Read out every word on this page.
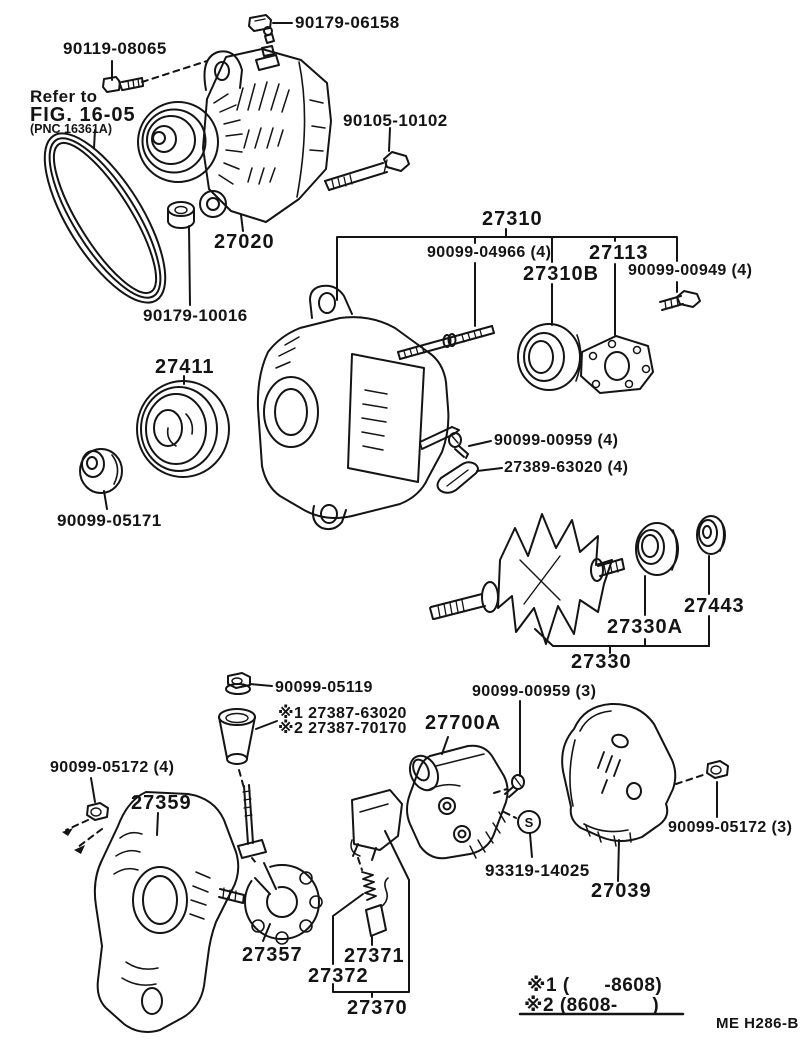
90179-06158
90119-08065
Refer to
FIG. 16-05
(PNC 16361A)	90105-10102
27020
27310
90099-04966 (4) 27113
27310B 90099-00949 (4)
90179-10016
27411
90099-00959 (4)
27389-63020 (4)
90099-05171
27443
27330A
27330
90099-05119
※1 27387-63020
※2 27387-70170
90099-00959 (3)
27700A
90099-05172 (4)
27359
90099-05172 (3)
93319-14025
27039
27357 27371
27372
27370
S
※1 (      -8608)
※2 (8608-      )
ME H286-B
